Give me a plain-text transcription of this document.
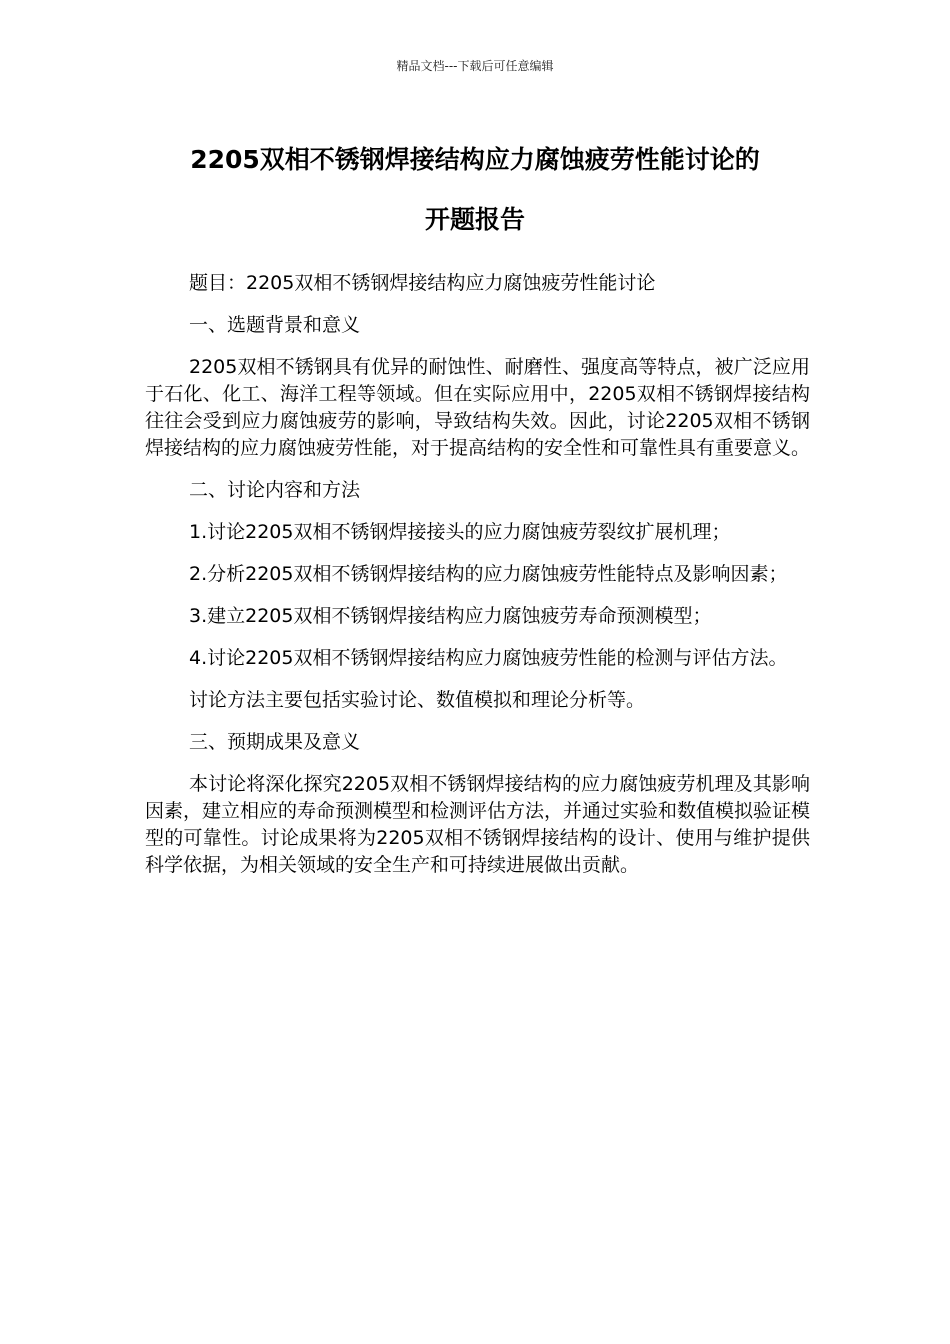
精品文档---下载后可任意编辑
2205双相不锈钢焊接结构应力腐蚀疲劳性能讨论的
开题报告

题目：2205双相不锈钢焊接结构应力腐蚀疲劳性能讨论

一、选题背景和意义

2205双相不锈钢具有优异的耐蚀性、耐磨性、强度高等特点，被广泛应用于石化、化工、海洋工程等领域。但在实际应用中，2205双相不锈钢焊接结构往往会受到应力腐蚀疲劳的影响，导致结构失效。因此，讨论2205双相不锈钢焊接结构的应力腐蚀疲劳性能，对于提高结构的安全性和可靠性具有重要意义。

二、讨论内容和方法

1.讨论2205双相不锈钢焊接接头的应力腐蚀疲劳裂纹扩展机理；

2.分析2205双相不锈钢焊接结构的应力腐蚀疲劳性能特点及影响因素；

3.建立2205双相不锈钢焊接结构应力腐蚀疲劳寿命预测模型；

4.讨论2205双相不锈钢焊接结构应力腐蚀疲劳性能的检测与评估方法。

讨论方法主要包括实验讨论、数值模拟和理论分析等。

三、预期成果及意义

本讨论将深化探究2205双相不锈钢焊接结构的应力腐蚀疲劳机理及其影响因素，建立相应的寿命预测模型和检测评估方法，并通过实验和数值模拟验证模型的可靠性。讨论成果将为2205双相不锈钢焊接结构的设计、使用与维护提供科学依据，为相关领域的安全生产和可持续进展做出贡献。
